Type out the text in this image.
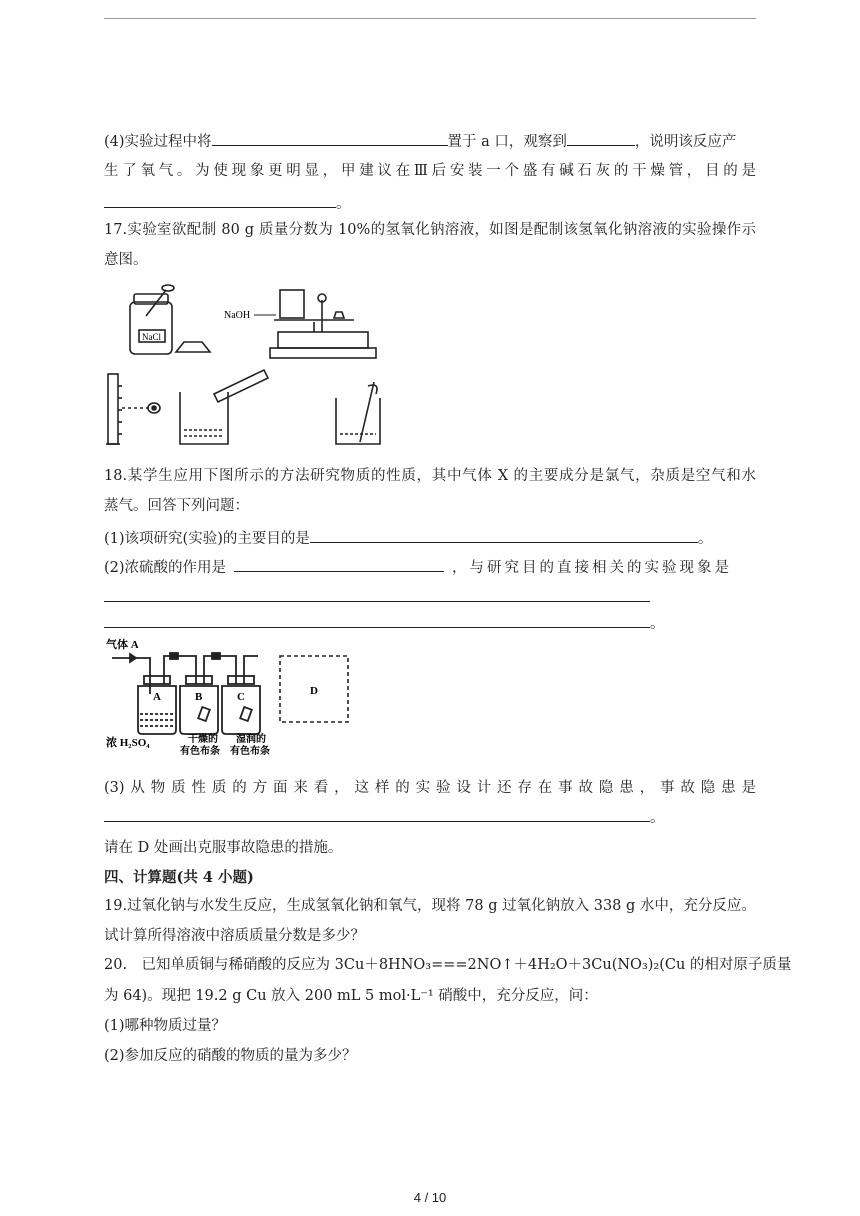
(4)实验过程中将	置于 a 口，观察到	，说明该反应产
生了氧气。为使现象更明显，甲建议在Ⅲ后安装一个盛有碱石灰的干燥管，目的是
。
17.实验室欲配制 80 g 质量分数为 10%的氢氧化钠溶液，如图是配制该氢氧化钠溶液的实验操作示
意图。
NaCl
NaOH
18.某学生应用下图所示的方法研究物质的性质，其中气体 X 的主要成分是氯气，杂质是空气和水
蒸气。回答下列问题：
(1)该项研究(实验)的主要目的是	。
(2)浓硫酸的作用是	，与研究目的直接相关的实验现象是
。
气体 A
A	B	C	D
浓 H₂SO₄	干燥的
有色布条
湿润的
有色布条
(3)从物质性质的方面来看，这样的实验设计还存在事故隐患，事故隐患是
。
请在 D 处画出克服事故隐患的措施。
四、计算题(共 4 小题)
19.过氧化钠与水发生反应，生成氢氧化钠和氧气，现将 78 g 过氧化钠放入 338 g 水中，充分反应。
试计算所得溶液中溶质质量分数是多少？
20.　已知单质铜与稀硝酸的反应为 3Cu＋8HNO₃===2NO↑＋4H₂O＋3Cu(NO₃)₂(Cu 的相对原子质量
为 64)。现把 19.2 g Cu 放入 200 mL 5 mol·L⁻¹ 硝酸中，充分反应，问：
(1)哪种物质过量？
(2)参加反应的硝酸的物质的量为多少？
4 / 10
